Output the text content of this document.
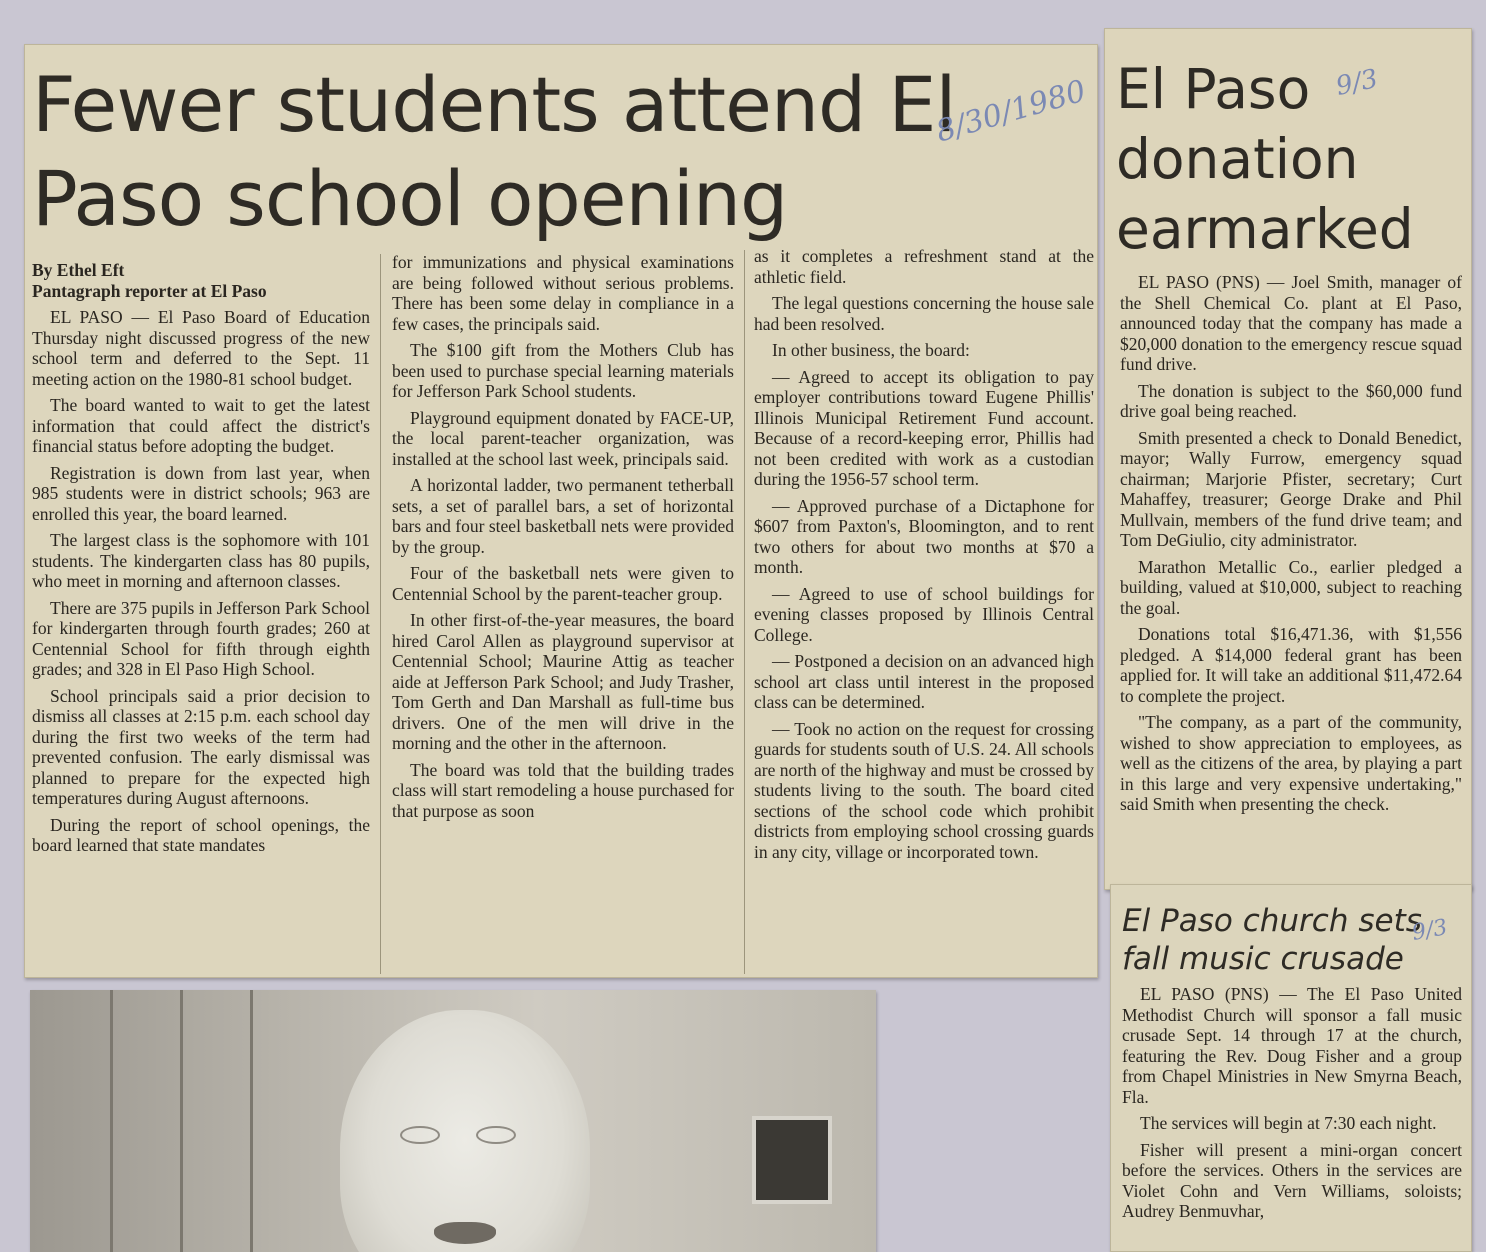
Fewer students attend El Paso school opening
8/30/1980

By Ethel Eft

Pantagraph reporter at El Paso

EL PASO — El Paso Board of Education Thursday night discussed progress of the new school term and deferred to the Sept. 11 meeting action on the 1980-81 school budget.

The board wanted to wait to get the latest information that could affect the district's financial status before adopting the budget.

Registration is down from last year, when 985 students were in district schools; 963 are enrolled this year, the board learned.

The largest class is the sophomore with 101 students. The kindergarten class has 80 pupils, who meet in morning and afternoon classes.

There are 375 pupils in Jefferson Park School for kindergarten through fourth grades; 260 at Centennial School for fifth through eighth grades; and 328 in El Paso High School.

School principals said a prior decision to dismiss all classes at 2:15 p.m. each school day during the first two weeks of the term had prevented confusion. The early dismissal was planned to prepare for the expected high temperatures during August afternoons.

During the report of school openings, the board learned that state mandates

for immunizations and physical examinations are being followed without serious problems. There has been some delay in compliance in a few cases, the principals said.

The $100 gift from the Mothers Club has been used to purchase special learning materials for Jefferson Park School students.

Playground equipment donated by FACE-UP, the local parent-teacher organization, was installed at the school last week, principals said.

A horizontal ladder, two permanent tetherball sets, a set of parallel bars, a set of horizontal bars and four steel basketball nets were provided by the group.

Four of the basketball nets were given to Centennial School by the parent-teacher group.

In other first-of-the-year measures, the board hired Carol Allen as playground supervisor at Centennial School; Maurine Attig as teacher aide at Jefferson Park School; and Judy Trasher, Tom Gerth and Dan Marshall as full-time bus drivers. One of the men will drive in the morning and the other in the afternoon.

The board was told that the building trades class will start remodeling a house purchased for that purpose as soon

as it completes a refreshment stand at the athletic field.

The legal questions concerning the house sale had been resolved.

In other business, the board:

— Agreed to accept its obligation to pay employer contributions toward Eugene Phillis' Illinois Municipal Retirement Fund account. Because of a record-keeping error, Phillis had not been credited with work as a custodian during the 1956-57 school term.

— Approved purchase of a Dictaphone for $607 from Paxton's, Bloomington, and to rent two others for about two months at $70 a month.

— Agreed to use of school buildings for evening classes proposed by Illinois Central College.

— Postponed a decision on an advanced high school art class until interest in the proposed class can be determined.

— Took no action on the request for crossing guards for students south of U.S. 24. All schools are north of the highway and must be crossed by students living to the south. The board cited sections of the school code which prohibit districts from employing school crossing guards in any city, village or incorporated town.

El Paso donation earmarked
9/3

EL PASO (PNS) — Joel Smith, manager of the Shell Chemical Co. plant at El Paso, announced today that the company has made a $20,000 donation to the emergency rescue squad fund drive.

The donation is subject to the $60,000 fund drive goal being reached.

Smith presented a check to Donald Benedict, mayor; Wally Furrow, emergency squad chairman; Marjorie Pfister, secretary; Curt Mahaffey, treasurer; George Drake and Phil Mullvain, members of the fund drive team; and Tom DeGiulio, city administrator.

Marathon Metallic Co., earlier pledged a building, valued at $10,000, subject to reaching the goal.

Donations total $16,471.36, with $1,556 pledged. A $14,000 federal grant has been applied for. It will take an additional $11,472.64 to complete the project.

"The company, as a part of the community, wished to show appreciation to employees, as well as the citizens of the area, by playing a part in this large and very expensive undertaking," said Smith when presenting the check.

El Paso church sets fall music crusade
9/3

EL PASO (PNS) — The El Paso United Methodist Church will sponsor a fall music crusade Sept. 14 through 17 at the church, featuring the Rev. Doug Fisher and a group from Chapel Ministries in New Smyrna Beach, Fla.

The services will begin at 7:30 each night.

Fisher will present a mini-organ concert before the services. Others in the services are Violet Cohn and Vern Williams, soloists; Audrey Benmuvhar,
